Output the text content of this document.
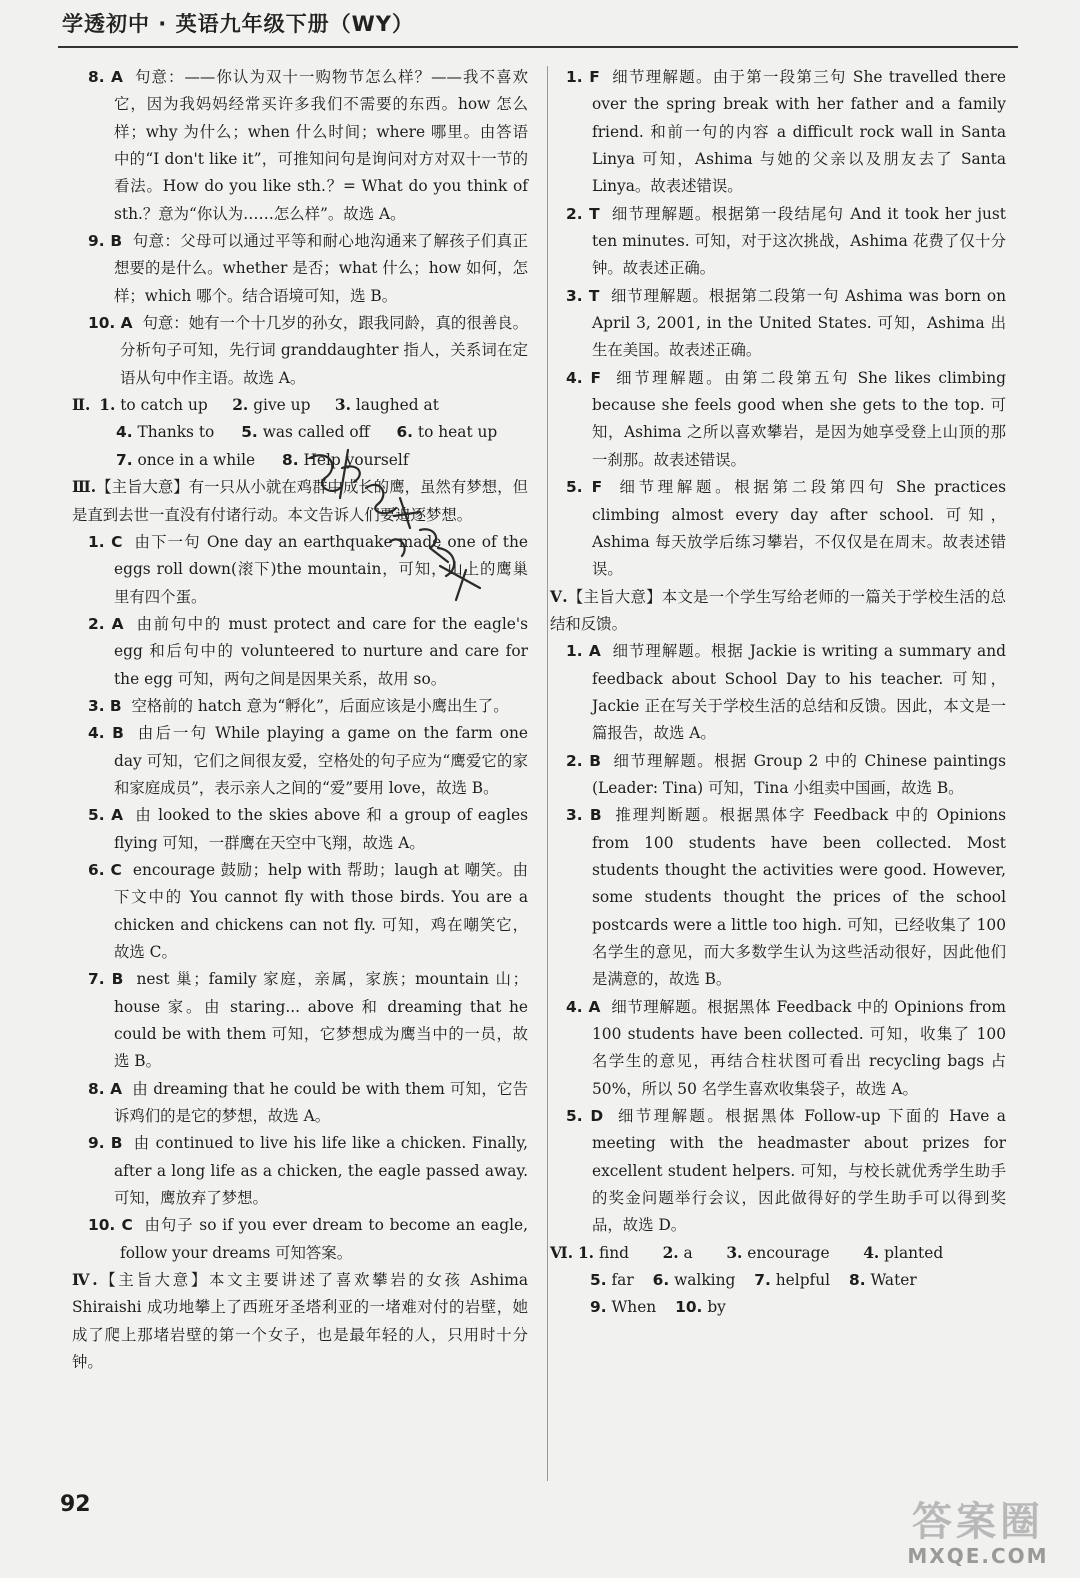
学透初中 · 英语九年级下册（WY）
8. A 句意：——你认为双十一购物节怎么样？——我不喜欢它，因为我妈妈经常买许多我们不需要的东西。how 怎么样；why 为什么；when 什么时间；where 哪里。由答语中的“I don't like it”，可推知问句是询问对方对双十一节的看法。How do you like sth.？= What do you think of sth.？意为“你认为……怎么样”。故选 A。
9. B 句意：父母可以通过平等和耐心地沟通来了解孩子们真正想要的是什么。whether 是否；what 什么；how 如何，怎样；which 哪个。结合语境可知，选 B。
10. A 句意：她有一个十几岁的孙女，跟我同龄，真的很善良。分析句子可知，先行词 granddaughter 指人，关系词在定语从句中作主语。故选 A。
Ⅱ. 1. to catch up 2. give up 3. laughed at
4. Thanks to 5. was called off 6. to heat up
7. once in a while 8. Help yourself
Ⅲ.【主旨大意】有一只从小就在鸡群中成长的鹰，虽然有梦想，但是直到去世一直没有付诸行动。本文告诉人们要追逐梦想。
1. C 由下一句 One day an earthquake made one of the eggs roll down(滚下)the mountain，可知，山上的鹰巢里有四个蛋。
2. A 由前句中的 must protect and care for the eagle's egg 和后句中的 volunteered to nurture and care for the egg 可知，两句之间是因果关系，故用 so。
3. B 空格前的 hatch 意为“孵化”，后面应该是小鹰出生了。
4. B 由后一句 While playing a game on the farm one day 可知，它们之间很友爱，空格处的句子应为“鹰爱它的家和家庭成员”，表示亲人之间的“爱”要用 love，故选 B。
5. A 由 looked to the skies above 和 a group of eagles flying 可知，一群鹰在天空中飞翔，故选 A。
6. C encourage 鼓励；help with 帮助；laugh at 嘲笑。由下文中的 You cannot fly with those birds. You are a chicken and chickens can not fly. 可知，鸡在嘲笑它，故选 C。
7. B nest 巢；family 家庭，亲属，家族；mountain 山；house 家。由 staring... above 和 dreaming that he could be with them 可知，它梦想成为鹰当中的一员，故选 B。
8. A 由 dreaming that he could be with them 可知，它告诉鸡们的是它的梦想，故选 A。
9. B 由 continued to live his life like a chicken. Finally, after a long life as a chicken, the eagle passed away. 可知，鹰放弃了梦想。
10. C 由句子 so if you ever dream to become an eagle, follow your dreams 可知答案。
Ⅳ.【主旨大意】本文主要讲述了喜欢攀岩的女孩 Ashima Shiraishi 成功地攀上了西班牙圣塔利亚的一堵难对付的岩壁，她成了爬上那堵岩壁的第一个女子，也是最年轻的人，只用时十分钟。
1. F 细节理解题。由于第一段第三句 She travelled there over the spring break with her father and a family friend. 和前一句的内容 a difficult rock wall in Santa Linya 可知，Ashima 与她的父亲以及朋友去了 Santa Linya。故表述错误。
2. T 细节理解题。根据第一段结尾句 And it took her just ten minutes. 可知，对于这次挑战，Ashima 花费了仅十分钟。故表述正确。
3. T 细节理解题。根据第二段第一句 Ashima was born on April 3, 2001, in the United States. 可知，Ashima 出生在美国。故表述正确。
4. F 细节理解题。由第二段第五句 She likes climbing because she feels good when she gets to the top. 可知，Ashima 之所以喜欢攀岩，是因为她享受登上山顶的那一刹那。故表述错误。
5. F 细节理解题。根据第二段第四句 She practices climbing almost every day after school. 可知，Ashima 每天放学后练习攀岩，不仅仅是在周末。故表述错误。
Ⅴ.【主旨大意】本文是一个学生写给老师的一篇关于学校生活的总结和反馈。
1. A 细节理解题。根据 Jackie is writing a summary and feedback about School Day to his teacher. 可知，Jackie 正在写关于学校生活的总结和反馈。因此，本文是一篇报告，故选 A。
2. B 细节理解题。根据 Group 2 中的 Chinese paintings (Leader: Tina) 可知，Tina 小组卖中国画，故选 B。
3. B 推理判断题。根据黑体字 Feedback 中的 Opinions from 100 students have been collected. Most students thought the activities were good. However, some students thought the prices of the school postcards were a little too high. 可知，已经收集了 100 名学生的意见，而大多数学生认为这些活动很好，因此他们是满意的，故选 B。
4. A 细节理解题。根据黑体 Feedback 中的 Opinions from 100 students have been collected. 可知，收集了 100 名学生的意见，再结合柱状图可看出 recycling bags 占 50%，所以 50 名学生喜欢收集袋子，故选 A。
5. D 细节理解题。根据黑体 Follow-up 下面的 Have a meeting with the headmaster about prizes for excellent student helpers. 可知，与校长就优秀学生助手的奖金问题举行会议，因此做得好的学生助手可以得到奖品，故选 D。
Ⅵ. 1. find 2. a 3. encourage 4. planted
5. far 6. walking 7. helpful 8. Water
9. When 10. by
92	答案圈
MXQE.COM
